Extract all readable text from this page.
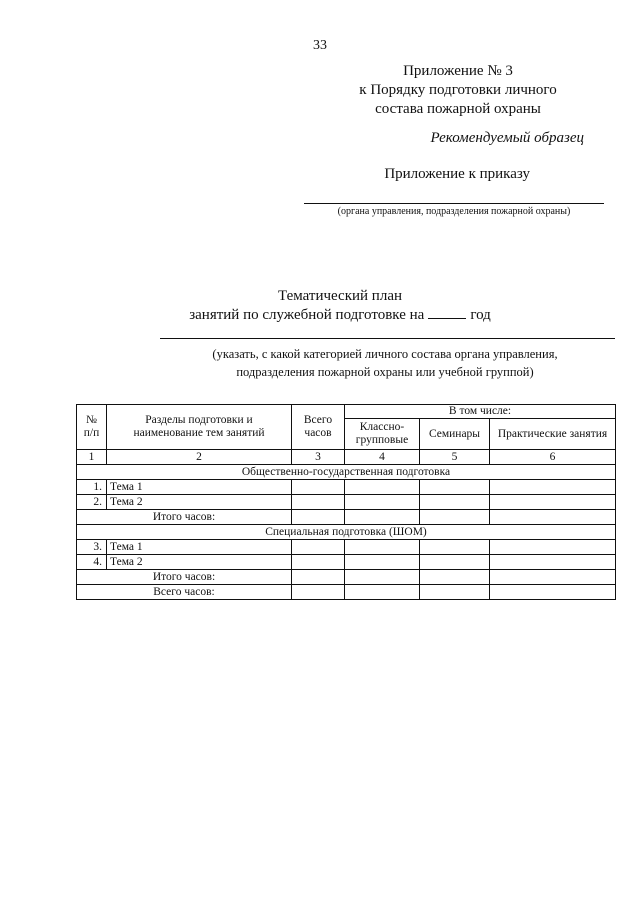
33
Приложение № 3
к Порядку подготовки личного
состава пожарной охраны
Рекомендуемый образец
Приложение к приказу
(органа управления, подразделения пожарной охраны)
Тематический план
занятий по служебной подготовке на	год
(указать, с какой категорией личного состава органа управления,
подразделения пожарной охраны или учебной группой)
№ п/п	Разделы подготовки и наименование тем занятий	Всего часов	В том числе:		
			Классно-групповые	Семинары	Практические занятия
1	2	3	4	5	6
Общественно-государственная подготовка					
1.	Тема 1				
2.	Тема 2				
Итого часов:					
Специальная подготовка (ШОМ)					
3.	Тема 1				
4.	Тема 2				
Итого часов:					
Всего часов:					
